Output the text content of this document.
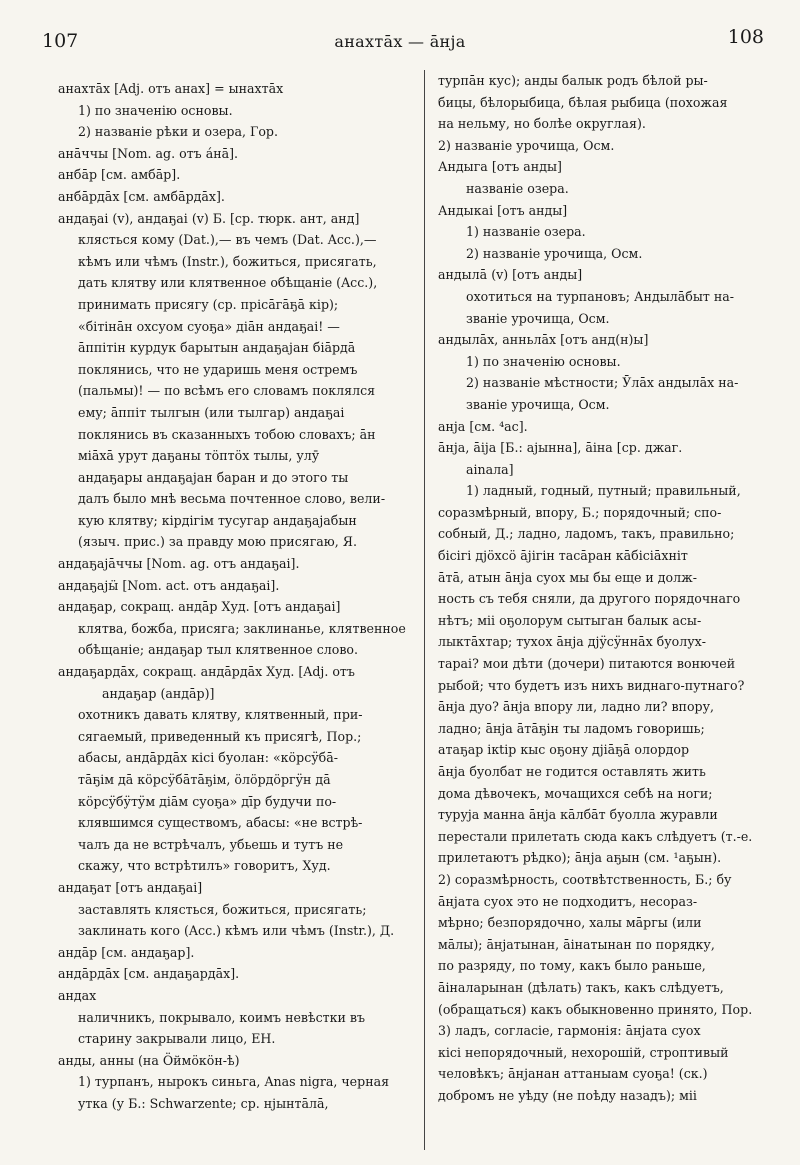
107	анахтāх — āнjа	108
анахтāх [Adj. отъ анах] = ынахтāх
1) по значенію основы.
2) названіе рѣки и озера, Гор.
анāччы [Nom. ag. отъ áнā].
анбāр [см. амбāр].
анбāрдāх [см. амбāрдāх].
андаҕаі (v), андаҕаі (v) Б. [ср. тюрк. ант, анд]
клясться кому (Dat.),— въ чемъ (Dat. Acc.),—
кѣмъ или чѣмъ (Instr.), божиться, присягать,
дать клятву или клятвенное обѣщаніе (Acc.),
принимать присягу (ср. прісāгāҕā кір);
«бітінāн охсуом суоҕа» діāн андаҕаі! —
āппітін курдук барытын андаҕаjан біāрдā
поклянись, что не ударишь меня остремъ
(пальмы)! — по всѣмъ его словамъ поклялся
ему; āппіт тылгын (или тылгар) андаҕаі
поклянись въ сказанныхъ тобою словахъ; āн
міāхā урут даҕаны тöптöх тылы, улӯ
андаҕары андаҕаjан баран и до этого ты
далъ было мнѣ весьма почтенное слово, вели-
кую клятву; кірдігім тусугар андаҕаjабын
(языч. прис.) за правду мою присягаю, Я.
андаҕаjāччы [Nom. ag. отъ андаҕаі].
андаҕаjӹ [Nom. act. отъ андаҕаі].
андаҕар, сокращ. андāр Худ. [отъ андаҕаі]
клятва, божба, присяга; заклинанье, клятвенное
обѣщаніе; андаҕар тыл клятвенное слово.
андаҕардāх, сокращ. андāрдāх Худ. [Adj. отъ
андаҕар (андāр)]
охотникъ давать клятву, клятвенный, при-
сягаемый, приведенный къ присягѣ, Пор.;
абасы, андāрдāх кісі буолан: «кöрсӱбā-
тāҕім дā кöрсӱбāтāҕім, öлöрдöргӱн дā
кöрсӱбӱтӱм діāм суоҕа» дīр будучи по-
клявшимся существомъ, абасы: «не встрѣ-
чалъ да не встрѣчалъ, убьешь и тутъ не
скажу, что встрѣтилъ» говоритъ, Худ.
андаҕат [отъ андаҕаі]
заставлять клясться, божиться, присягать;
заклинать кого (Acc.) кѣмъ или чѣмъ (Instr.), Д.
андāр [см. андаҕар].
андāрдāх [см. андаҕардāх].
андах
наличникъ, покрывало, коимъ невѣстки въ
старину закрывали лицо, ЕН.
анды, анны (на Öймöкöн-ѣ)
1) турпанъ, нырокъ синьга, Anas nigra, черная
утка (у Б.: Schwarzente; ср. нјынтāлā,
турпāн кус); анды балык родъ бѣлой ры-
бицы, бѣлорыбица, бѣлая рыбица (похожая
на нельму, но болѣе округлая).
2) названіе урочища, Осм.
Андыга [отъ анды]
названіе озера.
Андыкаі [отъ анды]
1) названіе озера.
2) названіе урочища, Осм.
андылā (v) [отъ анды]
охотиться на турпановъ; Андылāбыт на-
званіе урочища, Осм.
андылāх, анньлāх [отъ анд(н)ы]
1) по значенію основы.
2) названіе мѣстности; Ӯлāх андылāх на-
званіе урочища, Осм.
анjа [см. ⁴ас].
āнjа, āіjа [Б.: аjынна], āіна [ср. джаг.
аіnала]
1) ладный, годный, путный; правильный,
соразмѣрный, впору, Б.; порядочный; спо-
собный, Д.; ладно, ладомъ, такъ, правильно;
бісігі дjöхсö ājігін тасāран кāбісіāхніт
āтā, атын āнjа суох мы бы еще и долж-
ность съ тебя сняли, да другого порядочнаго
нѣтъ; міі оҕолорум сытыган балык асы-
лыктāхтар; тухох āнjа дjӱсӱннāх буолух-
тарai? мои дѣти (дочери) питаются вонючей
рыбой; что будетъ изъ нихъ виднаго-путнаго?
āнjа дуо? āнjа впору ли, ладно ли? впору,
ладно; āнjа āтāҕін ты ладомъ говоришь;
атаҕар ікtір кыс оҕону дjiāҕā олордор
āнjа буолбат не годится оставлять жить
дома дѣвочекъ, мочащихся себѣ на ноги;
туруjа манна āнjа кāлбāт буолла журавли
перестали прилетать сюда какъ слѣдуетъ (т.-е.
прилетаютъ рѣдко); āнjа аҕын (см. ¹аҕын).
2) соразмѣрность, соотвѣтственность, Б.; бу
āнjата суох это не подходитъ, несораз-
мѣрно; безпорядочно, халы мāргы (или
мāлы); āнjатынан, āінатынан по порядку,
по разряду, по тому, какъ было раньше,
āіналарынан (дѣлать) такъ, какъ слѣдуетъ,
(обращаться) какъ обыкновенно принято, Пор.
3) ладъ, согласіе, гармонія: āнjата суох
кісі непорядочный, нехорошій, строптивый
человѣкъ; āнjанан аттаныам суоҕа! (ск.)
добромъ не уѣду (не поѣду назадъ); міі
